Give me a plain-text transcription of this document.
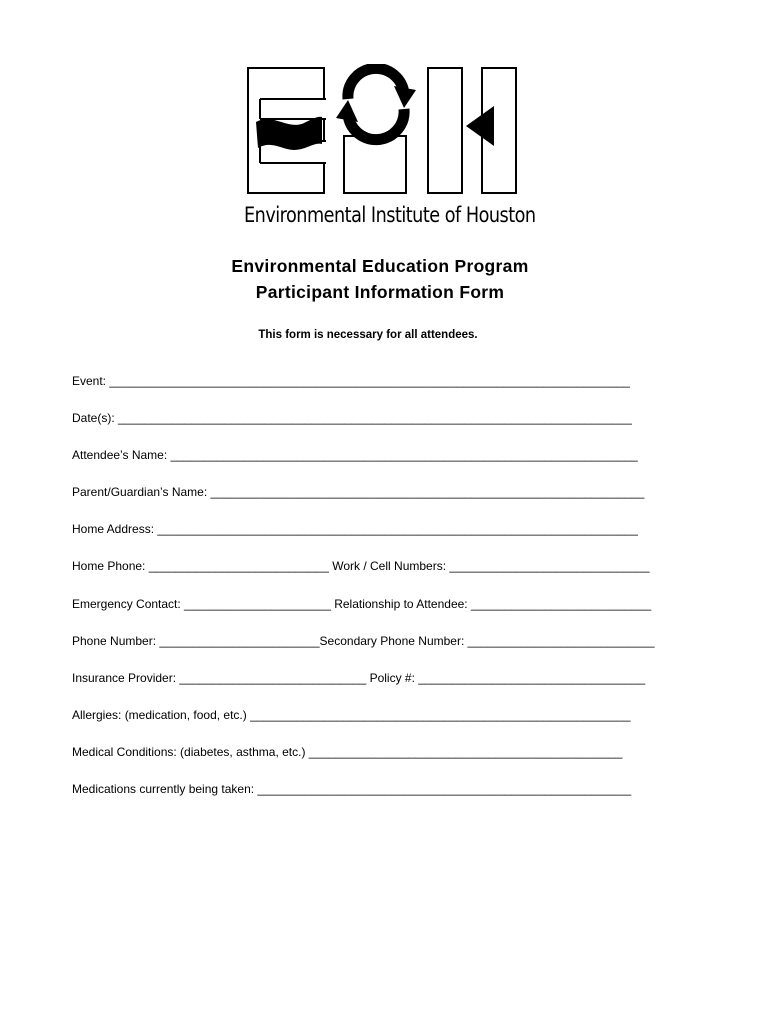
Environmental Institute of Houston
Environmental Education Program
Participant Information Form
This form is necessary for all attendees.
Event: ______________________________________________________________________________
Date(s): _____________________________________________________________________________
Attendee’s Name: ______________________________________________________________________
Parent/Guardian’s Name: _________________________________________________________________
Home Address: ________________________________________________________________________
Home Phone: ___________________________ Work / Cell Numbers: ______________________________
Emergency Contact: ______________________ Relationship to Attendee: ___________________________
Phone Number: ________________________Secondary Phone Number: ____________________________
Insurance Provider: ____________________________ Policy #: __________________________________
Allergies: (medication, food, etc.) _________________________________________________________
Medical Conditions: (diabetes, asthma, etc.) _______________________________________________
Medications currently being taken: ________________________________________________________
